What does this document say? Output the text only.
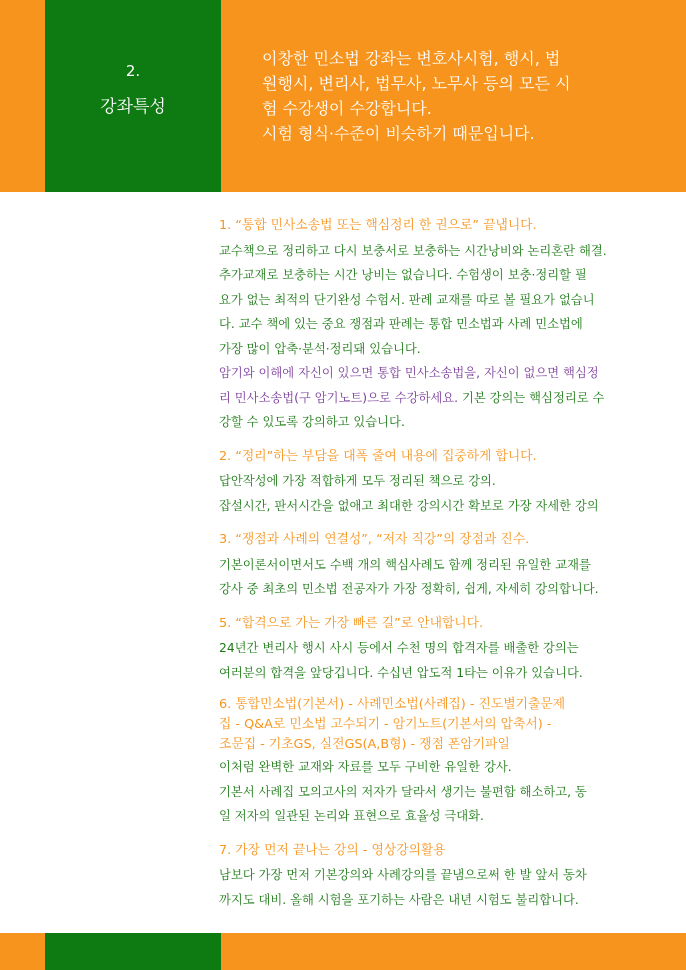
2.
강좌특성
이창한 민소법 강좌는 변호사시험, 행시, 법
원행시, 변리사, 법무사, 노무사 등의 모든 시
험 수강생이 수강합니다.
시험 형식·수준이 비슷하기 때문입니다.
1. “통합 민사소송법 또는 핵심정리 한 권으로” 끝냅니다.
교수책으로 정리하고 다시 보충서로 보충하는 시간낭비와 논리혼란 해결.
추가교재로 보충하는 시간 낭비는 없습니다. 수험생이 보충·정리할 필
요가 없는 최적의 단기완성 수험서. 판례 교재를 따로 볼 필요가 없습니
다. 교수 책에 있는 중요 쟁점과 판례는 통합 민소법과 사례 민소법에
가장 많이 압축·분석·정리돼 있습니다.
암기와 이해에 자신이 있으면 통합 민사소송법을, 자신이 없으면 핵심정
리 민사소송법(구 암기노트)으로 수강하세요. 기본 강의는 핵심정리로 수
강할 수 있도록 강의하고 있습니다.
2. “정리”하는 부담을 대폭 줄여 내용에 집중하게 합니다.
답안작성에 가장 적합하게 모두 정리된 책으로 강의.
잡설시간, 판서시간을 없애고 최대한 강의시간 확보로 가장 자세한 강의
3. “쟁점과 사례의 연결성”, “저자 직강”의 장점과 진수.
기본이론서이면서도 수백 개의 핵심사례도 함께 정리된 유일한 교재를
강사 중 최초의 민소법 전공자가 가장 정확히, 쉽게, 자세히 강의합니다.
5. “합격으로 가는 가장 빠른 길”로 안내합니다.
24년간 변리사 행시 사시 등에서 수천 명의 합격자를 배출한 강의는
여러분의 합격을 앞당깁니다. 수십년 압도적 1타는 이유가 있습니다.
6. 통합민소법(기본서) - 사례민소법(사례집) - 진도별기출문제
집 - Q&A로 민소법 고수되기 - 암기노트(기본서의 압축서) -
조문집 - 기초GS, 실전GS(A,B형) - 쟁점 폰암기파일
이처럼 완벽한 교재와 자료를 모두 구비한 유일한 강사.
기본서 사례집 모의고사의 저자가 달라서 생기는 불편함 해소하고, 동
일 저자의 일관된 논리와 표현으로 효율성 극대화.
7. 가장 먼저 끝나는 강의 - 영상강의활용
남보다 가장 먼저 기본강의와 사례강의를 끝냄으로써 한 발 앞서 동차
까지도 대비. 올해 시험을 포기하는 사람은 내년 시험도 불리합니다.
